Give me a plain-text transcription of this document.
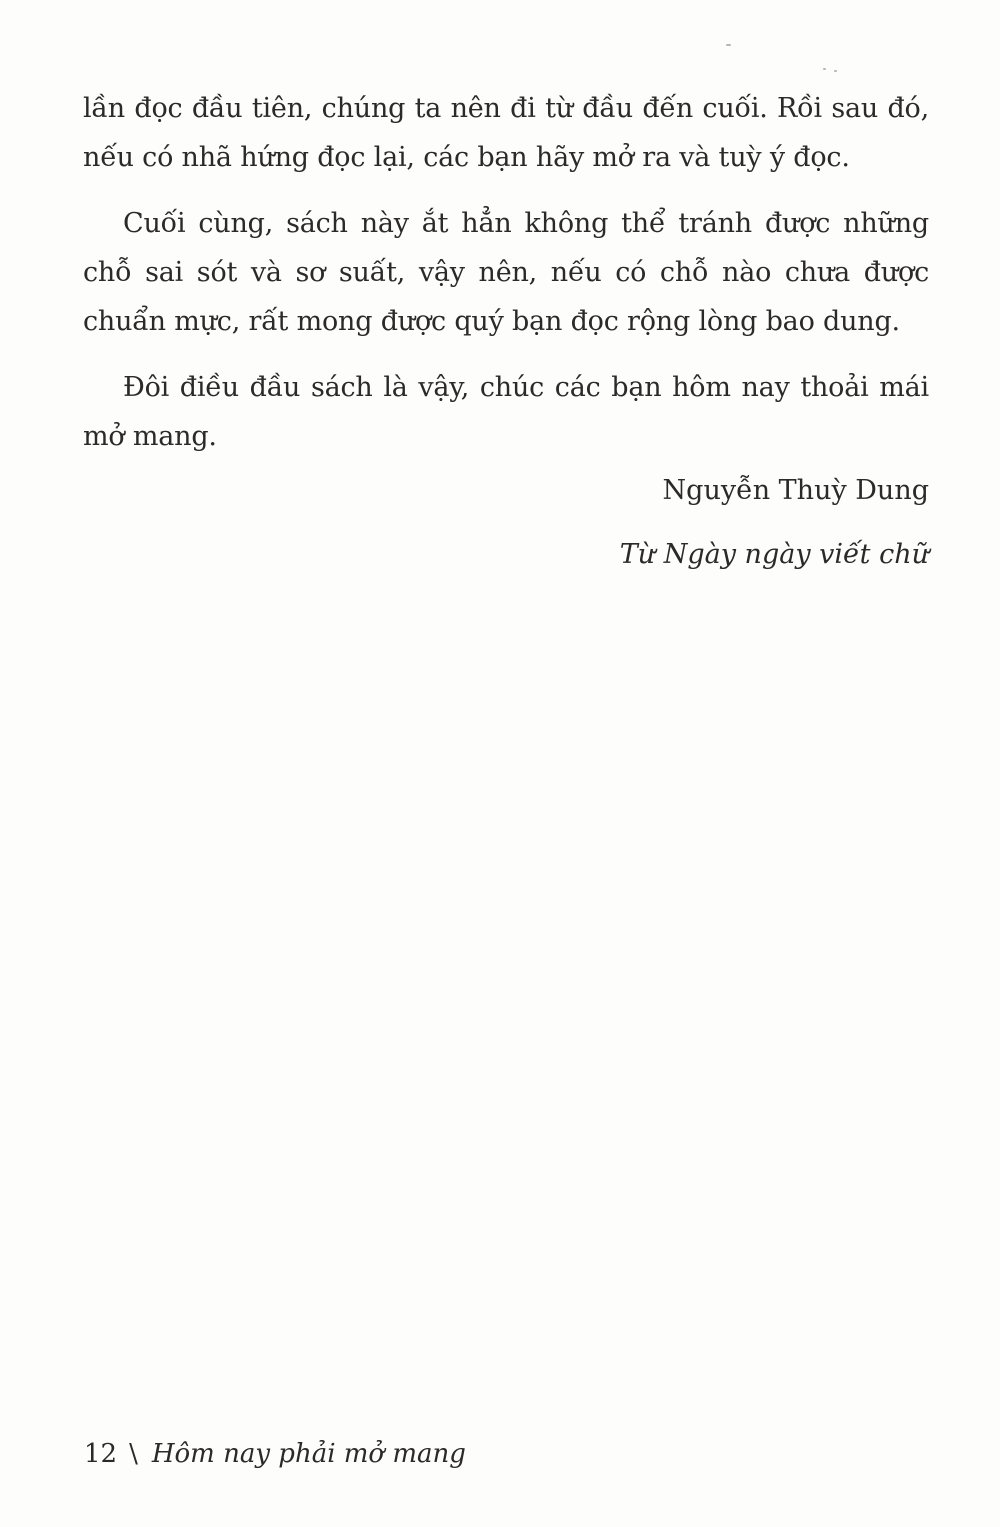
lần đọc đầu tiên, chúng ta nên đi từ đầu đến cuối. Rồi sau đó, nếu có nhã hứng đọc lại, các bạn hãy mở ra và tuỳ ý đọc.

Cuối cùng, sách này ắt hẳn không thể tránh được những chỗ sai sót và sơ suất, vậy nên, nếu có chỗ nào chưa được chuẩn mực, rất mong được quý bạn đọc rộng lòng bao dung.

Đôi điều đầu sách là vậy, chúc các bạn hôm nay thoải mái mở mang.

Nguyễn Thuỳ Dung
Từ Ngày ngày viết chữ
12 \ Hôm nay phải mở mang
